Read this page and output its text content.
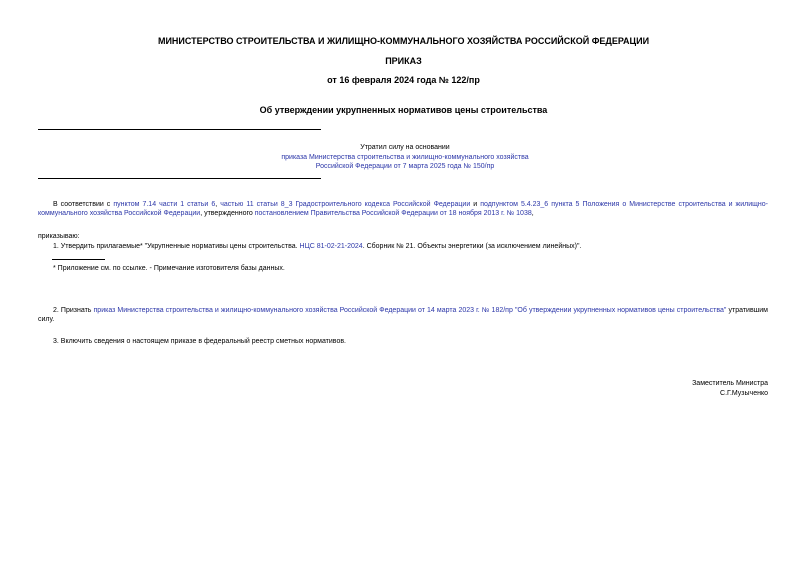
МИНИСТЕРСТВО СТРОИТЕЛЬСТВА И ЖИЛИЩНО-КОММУНАЛЬНОГО ХОЗЯЙСТВА РОССИЙСКОЙ ФЕДЕРАЦИИ
ПРИКАЗ
от 16 февраля 2024 года № 122/пр
Об утверждении укрупненных нормативов цены строительства
Утратил силу на основании
приказа Министерства строительства и жилищно-коммунального хозяйства
Российской Федерации от 7 марта 2025 года № 150/пр
В соответствии с пунктом 7.14 части 1 статьи 6, частью 11 статьи 8_3 Градостроительного кодекса Российской Федерации и подпунктом 5.4.23_6 пункта 5 Положения о Министерстве строительства и жилищно-коммунального хозяйства Российской Федерации, утвержденного постановлением Правительства Российской Федерации от 18 ноября 2013 г. № 1038,
приказываю:
1. Утвердить прилагаемые* "Укрупненные нормативы цены строительства. НЦС 81-02-21-2024. Сборник № 21. Объекты энергетики (за исключением линейных)".
* Приложение см. по ссылке. - Примечание изготовителя базы данных.
2. Признать приказ Министерства строительства и жилищно-коммунального хозяйства Российской Федерации от 14 марта 2023 г. № 182/пр "Об утверждении укрупненных нормативов цены строительства" утратившим силу.
3. Включить сведения о настоящем приказе в федеральный реестр сметных нормативов.
Заместитель Министра
С.Г.Музыченко
